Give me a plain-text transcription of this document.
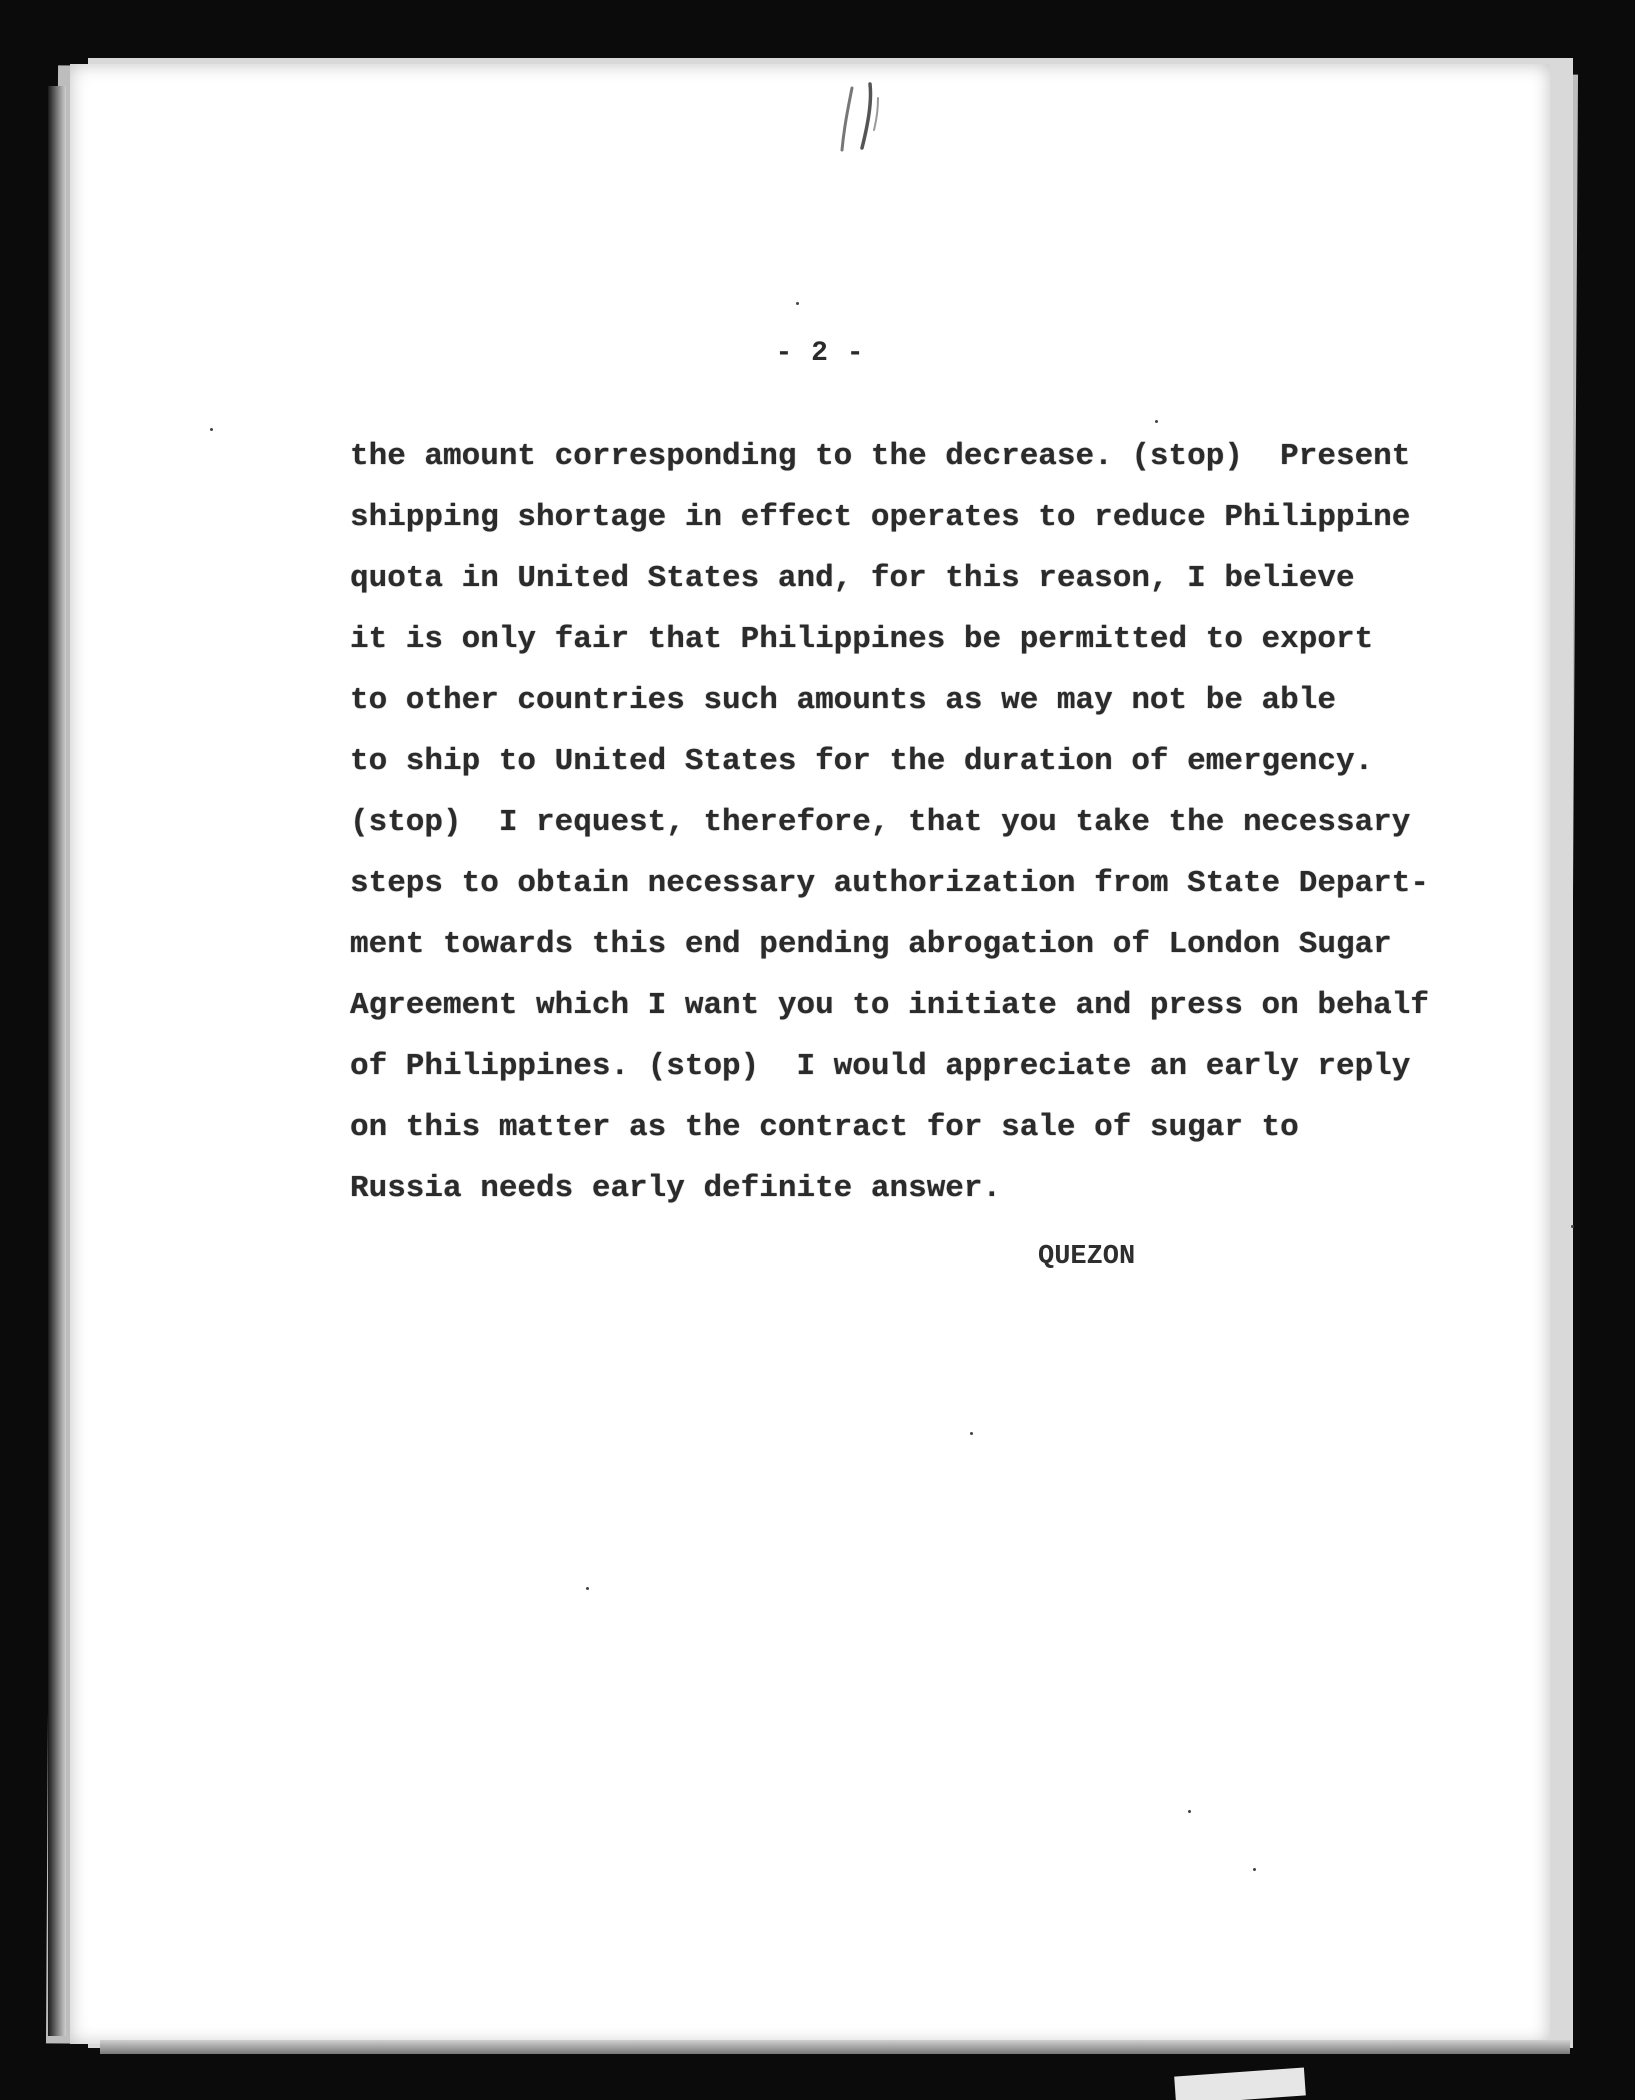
- 2 -
the amount corresponding to the decrease. (stop)  Present
shipping shortage in effect operates to reduce Philippine
quota in United States and, for this reason, I believe
it is only fair that Philippines be permitted to export
to other countries such amounts as we may not be able
to ship to United States for the duration of emergency.
(stop)  I request, therefore, that you take the necessary
steps to obtain necessary authorization from State Depart-
ment towards this end pending abrogation of London Sugar
Agreement which I want you to initiate and press on behalf
of Philippines. (stop)  I would appreciate an early reply
on this matter as the contract for sale of sugar to
Russia needs early definite answer.
QUEZON
